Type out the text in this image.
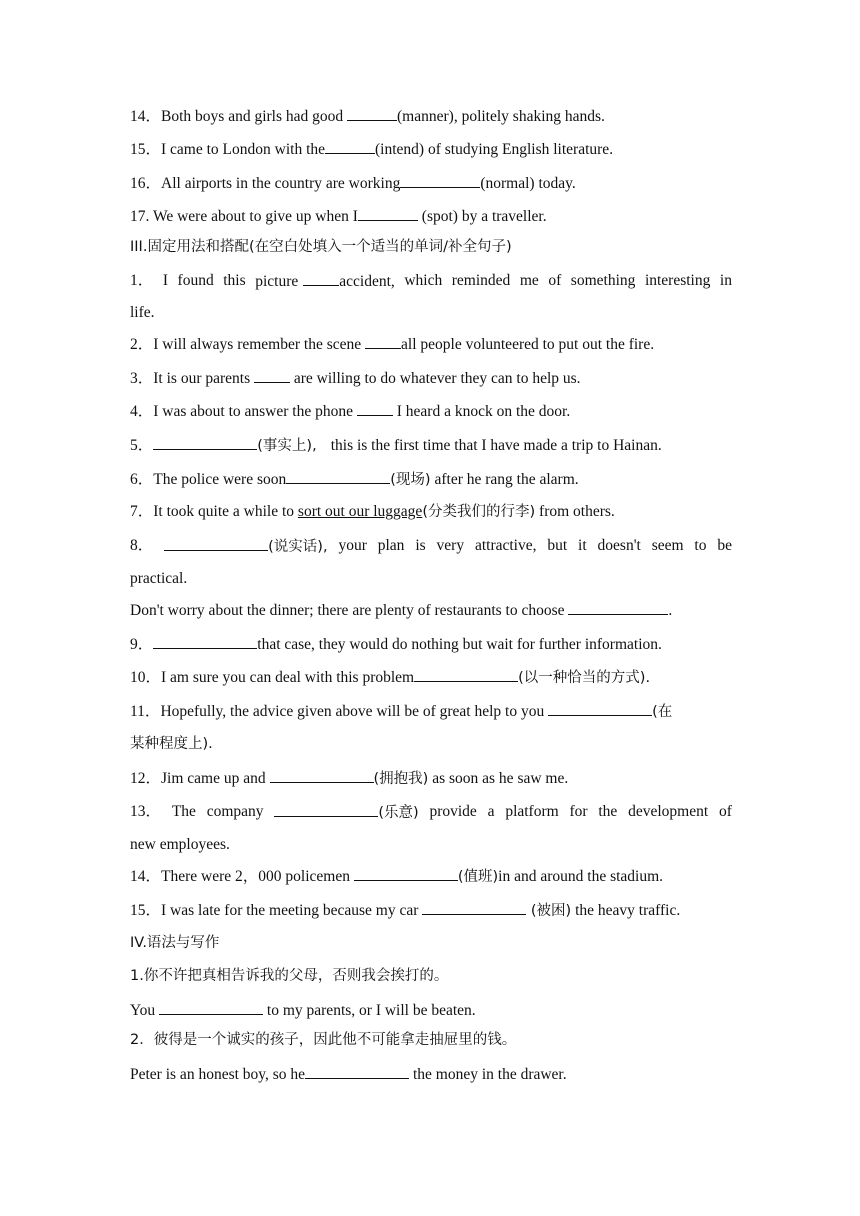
14．Both boys and girls had good	(manner), politely shaking hands.
15．I came to London with the	(intend) of studying English literature.
16．All airports in the country are working	(normal) today.
17. We were about to give up when I	(spot) by a traveller.
III.固定用法和搭配(在空白处填入一个适当的单词/补全句子)
1． I found this picture	accident, which reminded me of something interesting in
life.
2．I will always remember the scene all people volunteered to put out the fire.
3．It is our parents  are willing to do whatever they can to help us.
4．I was about to answer the phone  I heard a knock on the door.
5．	(事实上), this is the first time that I have made a trip to Hainan.
6．The police were soon	(现场) after he rang the alarm.
7．It took quite a while to sort out our luggage(分类我们的行李) from others.
8．	(说实话), your plan is very attractive, but it doesn't seem to be
practical.
Don't worry about the dinner; there are plenty of restaurants to choose	.
9．	that case, they would do nothing but wait for further information.
10．I am sure you can deal with this problem	(以一种恰当的方式).
11．Hopefully, the advice given above will be of great help to you	(在
某种程度上).
12．Jim came up and	(拥抱我) as soon as he saw me.
13． The company	(乐意) provide a platform for the development of
new employees.
14．There were 2，000 policemen	(值班)in and around the stadium.
15．I was late for the meeting because my car	(被困) the heavy traffic.
IV.语法与写作
1.你不许把真相告诉我的父母，否则我会挨打的。
You	to my parents, or I will be beaten.
2．彼得是一个诚实的孩子，因此他不可能拿走抽屉里的钱。
Peter is an honest boy, so he	the money in the drawer.
